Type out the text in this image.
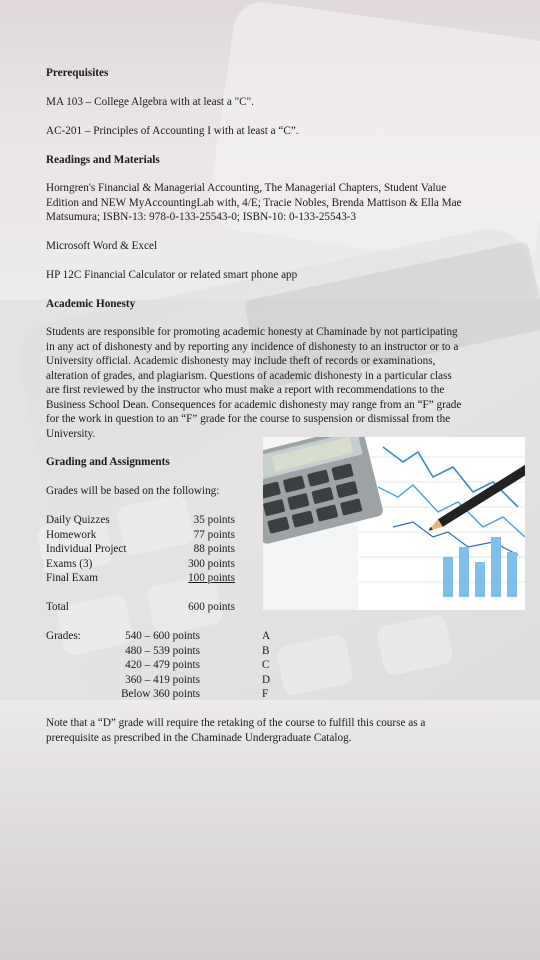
Prerequisites
MA 103 – College Algebra with at least a "C".
AC-201 – Principles of Accounting I with at least a “C”.
Readings and Materials
Horngren's Financial & Managerial Accounting, The Managerial Chapters, Student Value
Edition and NEW MyAccountingLab with, 4/E; Tracie Nobles, Brenda Mattison & Ella Mae
Matsumura; ISBN-13: 978-0-133-25543-0; ISBN-10: 0-133-25543-3
Microsoft Word & Excel
HP 12C Financial Calculator or related smart phone app
Academic Honesty
Students are responsible for promoting academic honesty at Chaminade by not participating
in any act of dishonesty and by reporting any incidence of dishonesty to an instructor or to a
University official. Academic dishonesty may include theft of records or examinations,
alteration of grades, and plagiarism. Questions of academic dishonesty in a particular class
are first reviewed by the instructor who must make a report with recommendations to the
Business School Dean. Consequences for academic dishonesty may range from an “F” grade
for the work in question to an “F” grade for the course to suspension or dismissal from the
University.
Grading and Assignments
Grades will be based on the following:
Daily Quizzes	35 points
Homework	77 points
Individual Project	88 points
Exams (3)	300 points
Final Exam	100 points
Total	600 points
Grades:	540 – 600 points	A
480 – 539 points	B
420 – 479 points	C
360 – 419 points	D
Below 360 points	F
Note that a “D” grade will require the retaking of the course to fulfill this course as a
prerequisite as prescribed in the Chaminade Undergraduate Catalog.
